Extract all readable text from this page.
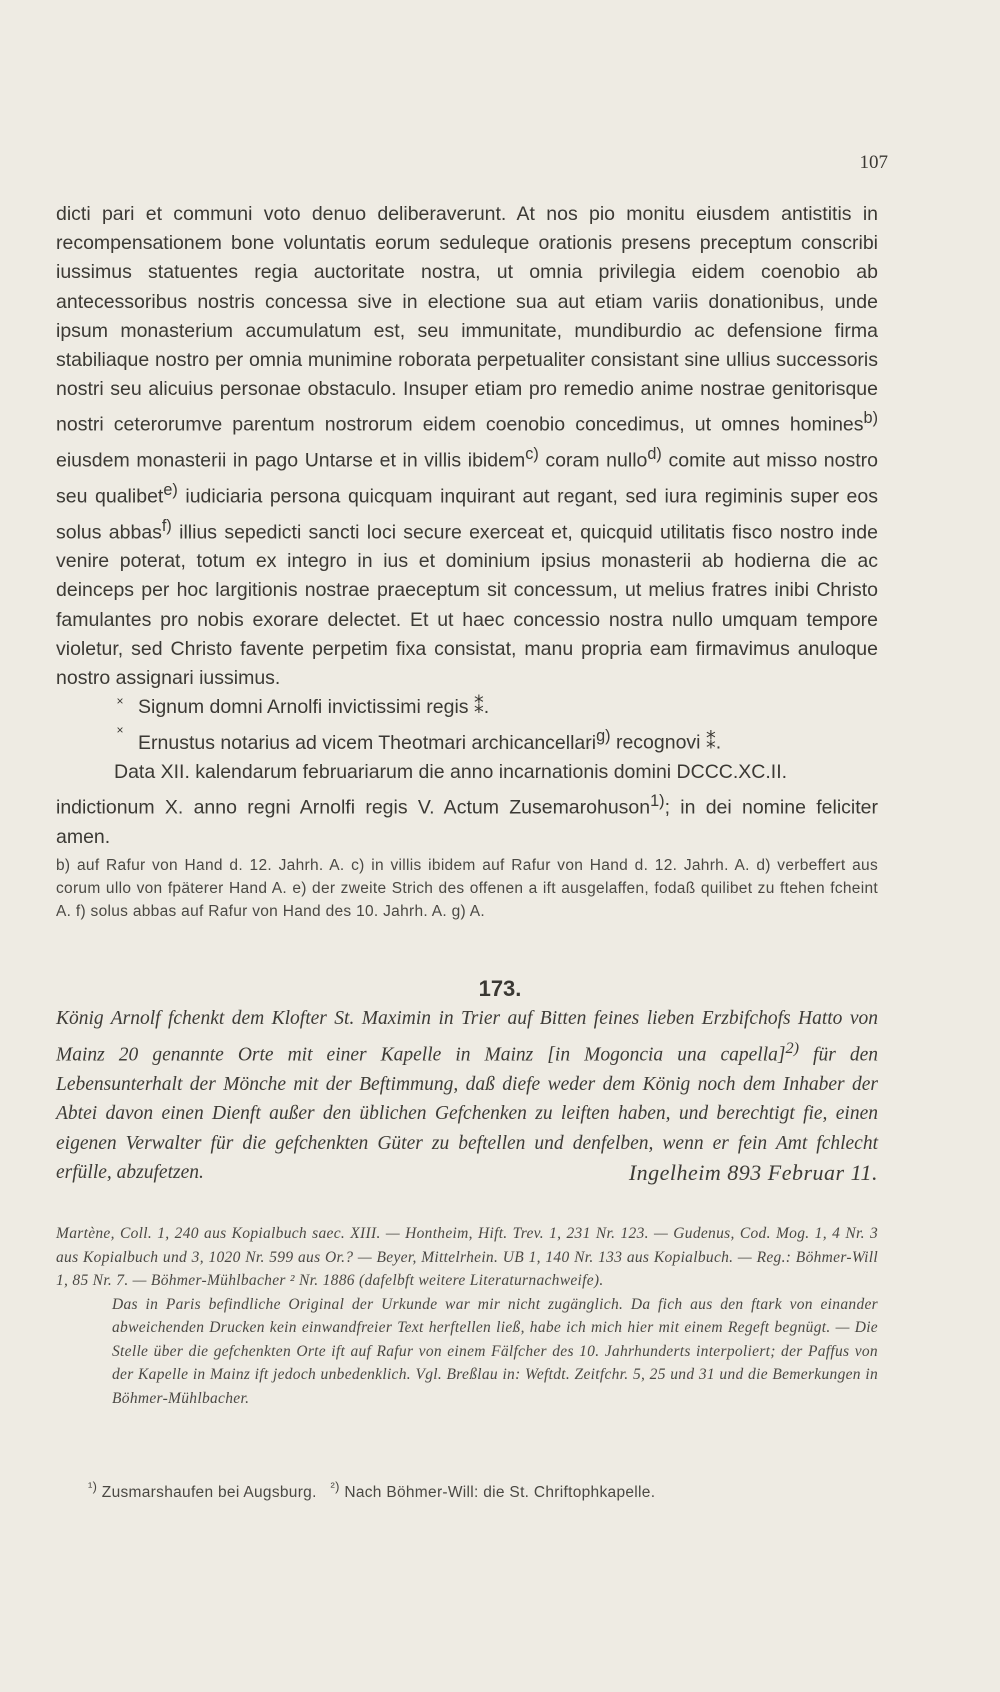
107

dicti pari et communi voto denuo deliberaverunt. At nos pio monitu eiusdem antistitis in recompensationem bone voluntatis eorum seduleque orationis presens preceptum conscribi iussimus statuentes regia auctoritate nostra, ut omnia privilegia eidem coenobio ab antecessoribus nostris concessa sive in electione sua aut etiam variis donationibus, unde ipsum monasterium accumulatum est, seu immunitate, mundiburdio ac defensione firma stabiliaque nostro per omnia munimine roborata perpetualiter consistant sine ullius successoris nostri seu alicuius personae obstaculo. Insuper etiam pro remedio anime nostrae genitorisque nostri ceterorumve parentum nostrorum eidem coenobio concedimus, ut omnes homines$^{b)}$ eiusdem monasterii in pago Untarse et in villis ibidem$^{c)}$ coram nullo$^{d)}$ comite aut misso nostro seu qualibet$^{e)}$ iudiciaria persona quicquam inquirant aut regant, sed iura regiminis super eos solus abbas$^{f)}$ illius sepedicti sancti loci secure exerceat et, quicquid utilitatis fisco nostro inde venire poterat, totum ex integro in ius et dominium ipsius monasterii ab hodierna die ac deinceps per hoc largitionis nostrae praeceptum sit concessum, ut melius fratres inibi Christo famulantes pro nobis exorare delectet. Et ut haec concessio nostra nullo umquam tempore violetur, sed Christo favente perpetim fixa consistat, manu propria eam firmavimus anuloque nostro assignari iussimus.

× Signum domni Arnolfi invictissimi regis ⁑.

×
Ernustus notarius ad vicem Theotmari archicancellari$^{g)}$ recognovi ⁑.

Data XII. kalendarum februariarum die anno incarnationis domini DCCC.XC.II.

indictionum X. anno regni Arnolfi regis V. Actum Zusemarohuson$^{1)}$; in dei nomine feliciter amen.

b) auf Rafur von Hand d. 12. Jahrh. A. c) in villis ibidem auf Rafur von Hand d. 12. Jahrh. A. d) verbeffert aus corum ullo von fpäterer Hand A. e) der zweite Strich des offenen a ift ausgelaffen, fodaß quilibet zu ftehen fcheint A. f) solus abbas auf Rafur von Hand des 10. Jahrh. A. g) A.
173.
König Arnolf fchenkt dem Klofter St. Maximin in Trier auf Bitten feines lieben Erzbifchofs Hatto von Mainz 20 genannte Orte mit einer Kapelle in Mainz [in Mogoncia una capella]$^{2)}$ für den Lebensunterhalt der Mönche mit der Beftimmung, daß diefe weder dem König noch dem Inhaber der Abtei davon einen Dienft außer den üblichen Gefchenken zu leiften haben, und berechtigt fie, einen eigenen Verwalter für die gefchenkten Güter zu beftellen und denfelben, wenn er fein Amt fchlecht erfülle, abzufetzen.	Ingelheim 893 Februar 11.

Martène, Coll. 1, 240 aus Kopialbuch saec. XIII. — Hontheim, Hift. Trev. 1, 231 Nr. 123. — Gudenus, Cod. Mog. 1, 4 Nr. 3 aus Kopialbuch und 3, 1020 Nr. 599 aus Or.? — Beyer, Mittelrhein. UB 1, 140 Nr. 133 aus Kopialbuch. — Reg.: Böhmer-Will 1, 85 Nr. 7. — Böhmer-Mühlbacher ² Nr. 1886 (dafelbft weitere Literaturnachweife).

Das in Paris befindliche Original der Urkunde war mir nicht zugänglich. Da fich aus den ftark von einander abweichenden Drucken kein einwandfreier Text herftellen ließ, habe ich mich hier mit einem Regeft begnügt. — Die Stelle über die gefchenkten Orte ift auf Rafur von einem Fälfcher des 10. Jahrhunderts interpoliert; der Paffus von der Kapelle in Mainz ift jedoch unbedenklich. Vgl. Breßlau in: Weftdt. Zeitfchr. 5, 25 und 31 und die Bemerkungen in Böhmer-Mühlbacher.

$^{^1)}$ Zusmarshaufen bei Augsburg. $^{^2)}$ Nach Böhmer-Will: die St. Chriftophkapelle.
